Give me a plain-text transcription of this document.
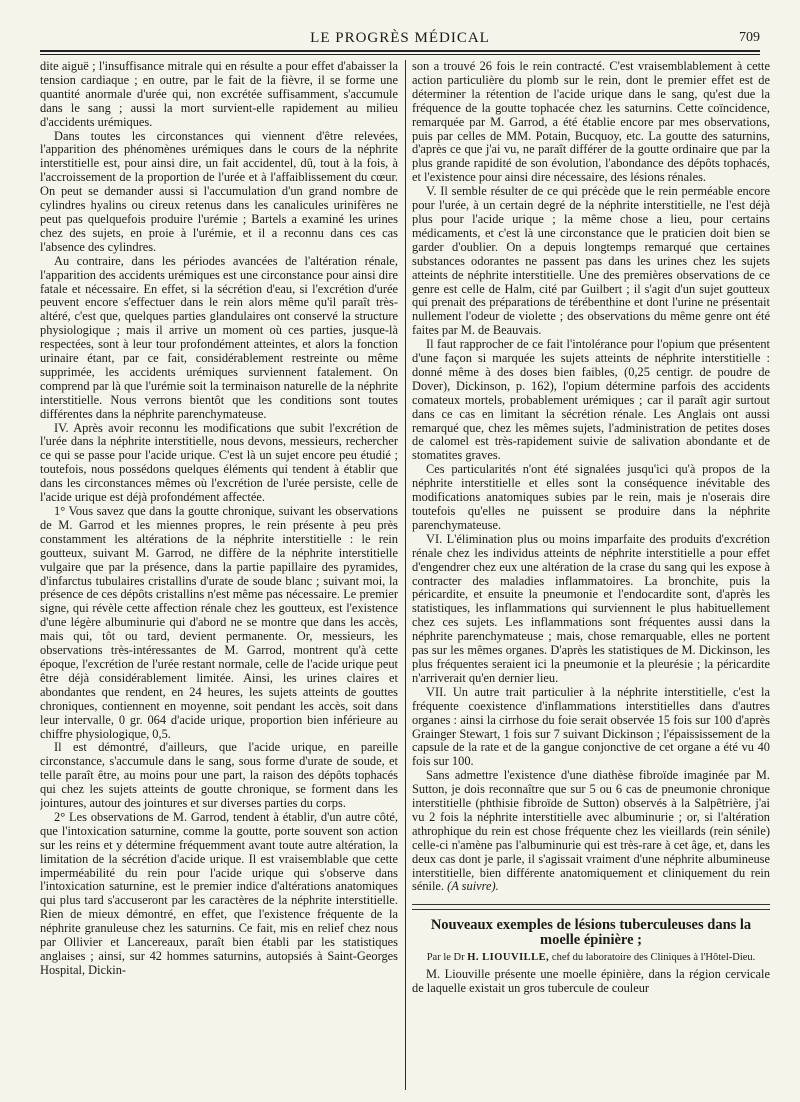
LE PROGRÈS MÉDICAL	709

dite aiguë ; l'insuffisance mitrale qui en résulte a pour effet d'abaisser la tension cardiaque ; en outre, par le fait de la fièvre, il se forme une quantité anormale d'urée qui, non excrétée suffisamment, s'accumule dans le sang ; aussi la mort survient-elle rapidement au milieu d'accidents urémiques.

Dans toutes les circonstances qui viennent d'être relevées, l'apparition des phénomènes urémiques dans le cours de la néphrite interstitielle est, pour ainsi dire, un fait accidentel, dû, tout à la fois, à l'accroissement de la proportion de l'urée et à l'affaiblissement du cœur. On peut se demander aussi si l'accumulation d'un grand nombre de cylindres hyalins ou cireux retenus dans les canalicules urinifères ne peut pas quelquefois produire l'urémie ; Bartels a examiné les urines chez des sujets, en proie à l'urémie, et il a reconnu dans ces cas l'absence des cylindres.

Au contraire, dans les périodes avancées de l'altération rénale, l'apparition des accidents urémiques est une circonstance pour ainsi dire fatale et nécessaire. En effet, si la sécrétion d'eau, si l'excrétion d'urée peuvent encore s'effectuer dans le rein alors même qu'il paraît très-altéré, c'est que, quelques parties glandulaires ont conservé la structure physiologique ; mais il arrive un moment où ces parties, jusque-là respectées, sont à leur tour profondément atteintes, et alors la fonction urinaire étant, par ce fait, considérablement restreinte ou même supprimée, les accidents urémiques surviennent fatalement. On comprend par là que l'urémie soit la terminaison naturelle de la néphrite interstitielle. Nous verrons bientôt que les conditions sont toutes différentes dans la néphrite parenchymateuse.

IV. Après avoir reconnu les modifications que subit l'excrétion de l'urée dans la néphrite interstitielle, nous devons, messieurs, rechercher ce qui se passe pour l'acide urique. C'est là un sujet encore peu étudié ; toutefois, nous possédons quelques éléments qui tendent à établir que dans les circonstances mêmes où l'excrétion de l'urée persiste, celle de l'acide urique est déjà profondément affectée.

1° Vous savez que dans la goutte chronique, suivant les observations de M. Garrod et les miennes propres, le rein présente à peu près constamment les altérations de la néphrite interstitielle : le rein goutteux, suivant M. Garrod, ne diffère de la néphrite interstitielle vulgaire que par la présence, dans la partie papillaire des pyramides, d'infarctus tubulaires cristallins d'urate de soude blanc ; suivant moi, la présence de ces dépôts cristallins n'est même pas nécessaire. Le premier signe, qui révèle cette affection rénale chez les goutteux, est l'existence d'une légère albuminurie qui d'abord ne se montre que dans les accès, mais qui, tôt ou tard, devient permanente. Or, messieurs, les observations très-intéressantes de M. Garrod, montrent qu'à cette époque, l'excrétion de l'urée restant normale, celle de l'acide urique peut être déjà considérablement limitée. Ainsi, les urines claires et abondantes que rendent, en 24 heures, les sujets atteints de gouttes chroniques, contiennent en moyenne, soit pendant les accès, soit dans leur intervalle, 0 gr. 064 d'acide urique, proportion bien inférieure au chiffre physiologique, 0,5.

Il est démontré, d'ailleurs, que l'acide urique, en pareille circonstance, s'accumule dans le sang, sous forme d'urate de soude, et telle paraît être, au moins pour une part, la raison des dépôts tophacés qui chez les sujets atteints de goutte chronique, se forment dans les jointures, autour des jointures et sur diverses parties du corps.

2° Les observations de M. Garrod, tendent à établir, d'un autre côté, que l'intoxication saturnine, comme la goutte, porte souvent son action sur les reins et y détermine fréquemment avant toute autre altération, la limitation de la sécrétion d'acide urique. Il est vraisemblable que cette imperméabilité du rein pour l'acide urique qui s'observe dans l'intoxication saturnine, est le premier indice d'altérations anatomiques qui plus tard s'accuseront par les caractères de la néphrite interstitielle. Rien de mieux démontré, en effet, que l'existence fréquente de la néphrite granuleuse chez les saturnins. Ce fait, mis en relief chez nous par Ollivier et Lancereaux, paraît bien établi par les statistiques anglaises ; ainsi, sur 42 hommes saturnins, autopsiés à Saint-Georges Hospital, Dickin-

son a trouvé 26 fois le rein contracté. C'est vraisemblablement à cette action particulière du plomb sur le rein, dont le premier effet est de déterminer la rétention de l'acide urique dans le sang, qu'est due la fréquence de la goutte tophacée chez les saturnins. Cette coïncidence, remarquée par M. Garrod, a été établie encore par mes observations, puis par celles de MM. Potain, Bucquoy, etc. La goutte des saturnins, d'après ce que j'ai vu, ne paraît différer de la goutte ordinaire que par la plus grande rapidité de son évolution, l'abondance des dépôts tophacés, et l'existence pour ainsi dire nécessaire, des lésions rénales.

V. Il semble résulter de ce qui précède que le rein perméable encore pour l'urée, à un certain degré de la néphrite interstitielle, ne l'est déjà plus pour l'acide urique ; la même chose a lieu, pour certains médicaments, et c'est là une circonstance que le praticien doit bien se garder d'oublier. On a depuis longtemps remarqué que certaines substances odorantes ne passent pas dans les urines chez les sujets atteints de néphrite interstitielle. Une des premières observations de ce genre est celle de Halm, cité par Guilbert ; il s'agit d'un sujet goutteux qui prenait des préparations de térébenthine et dont l'urine ne présentait nullement l'odeur de violette ; des observations du même genre ont été faites par M. de Beauvais.

Il faut rapprocher de ce fait l'intolérance pour l'opium que présentent d'une façon si marquée les sujets atteints de néphrite interstitielle : donné même à des doses bien faibles, (0,25 centigr. de poudre de Dover), Dickinson, p. 162), l'opium détermine parfois des accidents comateux mortels, probablement urémiques ; car il paraît agir surtout dans ce cas en limitant la sécrétion rénale. Les Anglais ont aussi remarqué que, chez les mêmes sujets, l'administration de petites doses de calomel est très-rapidement suivie de salivation abondante et de stomatites graves.

Ces particularités n'ont été signalées jusqu'ici qu'à propos de la néphrite interstitielle et elles sont la conséquence inévitable des modifications anatomiques subies par le rein, mais je n'oserais dire toutefois qu'elles ne puissent se produire dans la néphrite parenchymateuse.

VI. L'élimination plus ou moins imparfaite des produits d'excrétion rénale chez les individus atteints de néphrite interstitielle a pour effet d'engendrer chez eux une altération de la crase du sang qui les expose à contracter des maladies inflammatoires. La bronchite, puis la péricardite, et ensuite la pneumonie et l'endocardite sont, d'après les statistiques, les inflammations qui surviennent le plus habituellement chez ces sujets. Les inflammations sont fréquentes aussi dans la néphrite parenchymateuse ; mais, chose remarquable, elles ne portent pas sur les mêmes organes. D'après les statistiques de M. Dickinson, les plus fréquentes seraient ici la pneumonie et la pleurésie ; la péricardite n'arriverait qu'en dernier lieu.

VII. Un autre trait particulier à la néphrite interstitielle, c'est la fréquente coexistence d'inflammations interstitielles dans d'autres organes : ainsi la cirrhose du foie serait observée 15 fois sur 100 d'après Grainger Stewart, 1 fois sur 7 suivant Dickinson ; l'épaississement de la capsule de la rate et de la gangue conjonctive de cet organe a été vu 40 fois sur 100.

Sans admettre l'existence d'une diathèse fibroïde imaginée par M. Sutton, je dois reconnaître que sur 5 ou 6 cas de pneumonie chronique interstitielle (phthisie fibroïde de Sutton) observés à la Salpêtrière, j'ai vu 2 fois la néphrite interstitielle avec albuminurie ; or, si l'altération athrophique du rein est chose fréquente chez les vieillards (rein sénile) celle-ci n'amène pas l'albuminurie qui est très-rare à cet âge, et, dans les deux cas dont je parle, il s'agissait vraiment d'une néphrite albumineuse interstitielle, bien différente anatomiquement et cliniquement du rein sénile. (A suivre).

Nouveaux exemples de lésions tuberculeuses dans la moelle épinière ;
Par le Dr H. LIOUVILLE, chef du laboratoire des Cliniques à l'Hôtel-Dieu.

M. Liouville présente une moelle épinière, dans la région cervicale de laquelle existait un gros tubercule de couleur
